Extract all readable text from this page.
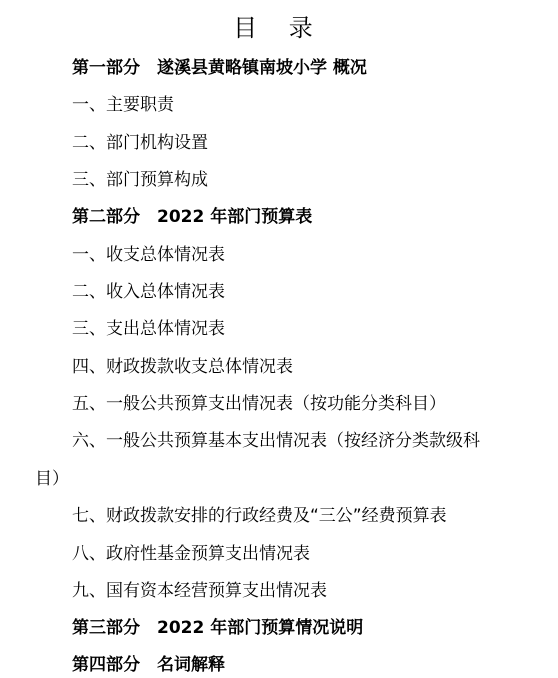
目 录
第一部分　遂溪县黄略镇南坡小学 概况
一、主要职责
二、部门机构设置
三、部门预算构成
第二部分　2022 年部门预算表
一、收支总体情况表
二、收入总体情况表
三、支出总体情况表
四、财政拨款收支总体情况表
五、一般公共预算支出情况表（按功能分类科目）
六、一般公共预算基本支出情况表（按经济分类款级科
目）
七、财政拨款安排的行政经费及“三公”经费预算表
八、政府性基金预算支出情况表
九、国有资本经营预算支出情况表
第三部分　2022 年部门预算情况说明
第四部分　名词解释
